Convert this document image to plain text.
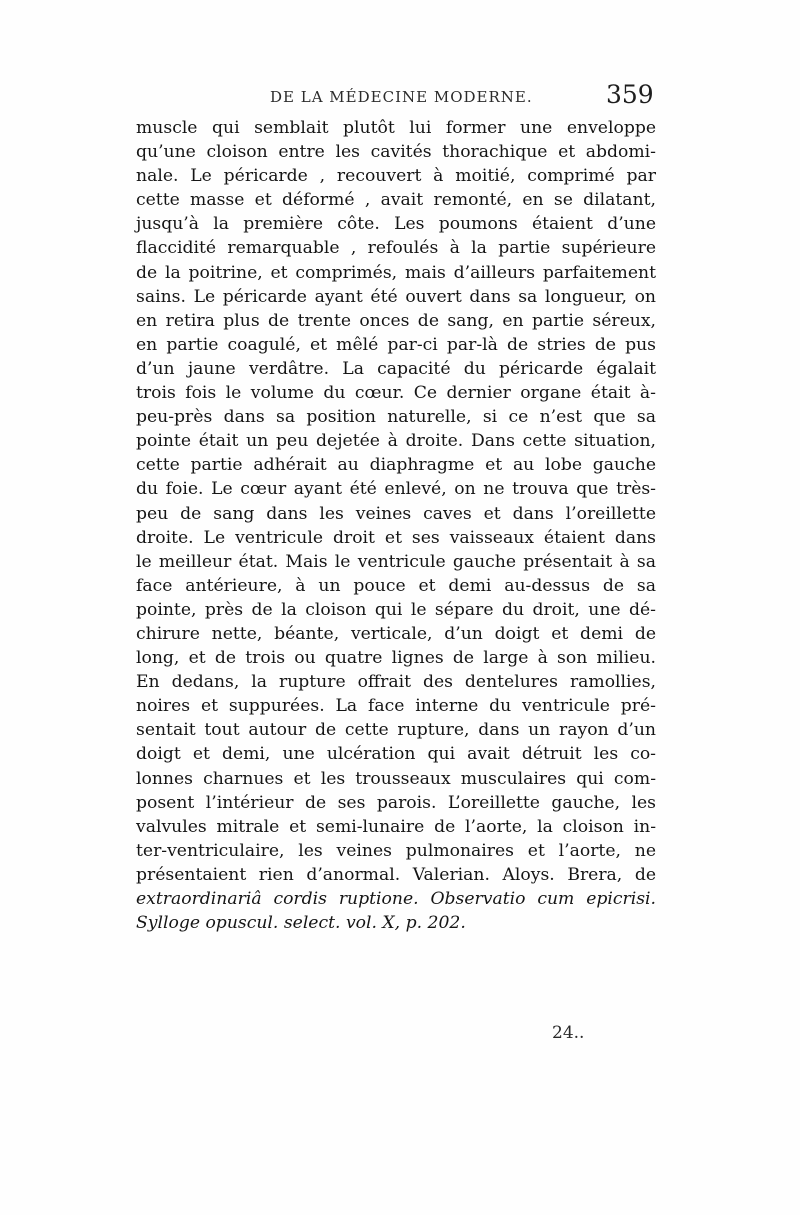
DE LA MÉDECINE MODERNE.	359
muscle qui semblait plutôt lui former une enveloppe
qu’une cloison entre les cavités thorachique et abdomi-
nale. Le péricarde , recouvert à moitié, comprimé par
cette masse et déformé , avait remonté, en se dilatant,
jusqu’à la première côte. Les poumons étaient d’une
flaccidité remarquable , refoulés à la partie supérieure
de la poitrine, et comprimés, mais d’ailleurs parfaitement
sains. Le péricarde ayant été ouvert dans sa longueur, on
en retira plus de trente onces de sang, en partie séreux,
en partie coagulé, et mêlé par-ci par-là de stries de pus
d’un jaune verdâtre. La capacité du péricarde égalait
trois fois le volume du cœur. Ce dernier organe était à-
peu-près dans sa position naturelle, si ce n’est que sa
pointe était un peu dejetée à droite. Dans cette situation,
cette partie adhérait au diaphragme et au lobe gauche
du foie. Le cœur ayant été enlevé, on ne trouva que très-
peu de sang dans les veines caves et dans l’oreillette
droite. Le ventricule droit et ses vaisseaux étaient dans
le meilleur état. Mais le ventricule gauche présentait à sa
face antérieure, à un pouce et demi au-dessus de sa
pointe, près de la cloison qui le sépare du droit, une dé-
chirure nette, béante, verticale, d’un doigt et demi de
long, et de trois ou quatre lignes de large à son milieu.
En dedans, la rupture offrait des dentelures ramollies,
noires et suppurées. La face interne du ventricule pré-
sentait tout autour de cette rupture, dans un rayon d’un
doigt et demi, une ulcération qui avait détruit les co-
lonnes charnues et les trousseaux musculaires qui com-
posent l’intérieur de ses parois. L’oreillette gauche, les
valvules mitrale et semi-lunaire de l’aorte, la cloison in-
ter-ventriculaire, les veines pulmonaires et l’aorte, ne
présentaient rien d’anormal. Valerian. Aloys. Brera, de
extraordinariâ cordis ruptione. Observatio cum epicrisi.
Sylloge opuscul. select. vol. X, p. 202.
24..
